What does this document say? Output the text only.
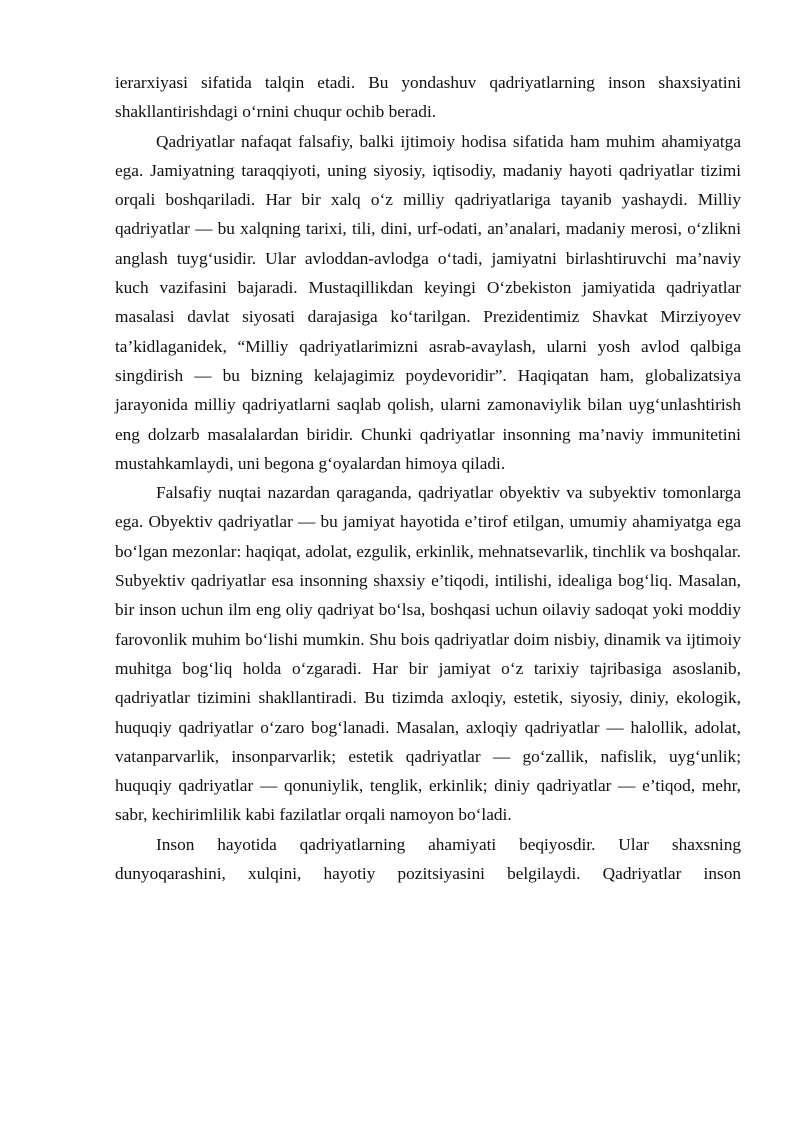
ierarxiyasi sifatida talqin etadi. Bu yondashuv qadriyatlarning inson shaxsiyatini shakllantirishdagi o‘rnini chuqur ochib beradi.

Qadriyatlar nafaqat falsafiy, balki ijtimoiy hodisa sifatida ham muhim ahamiyatga ega. Jamiyatning taraqqiyoti, uning siyosiy, iqtisodiy, madaniy hayoti qadriyatlar tizimi orqali boshqariladi. Har bir xalq o‘z milliy qadriyatlariga tayanib yashaydi. Milliy qadriyatlar — bu xalqning tarixi, tili, dini, urf-odati, an’analari, madaniy merosi, o‘zlikni anglash tuyg‘usidir. Ular avloddan-avlodga o‘tadi, jamiyatni birlashtiruvchi ma’naviy kuch vazifasini bajaradi. Mustaqillikdan keyingi O‘zbekiston jamiyatida qadriyatlar masalasi davlat siyosati darajasiga ko‘tarilgan. Prezidentimiz Shavkat Mirziyoyev ta’kidlaganidek, “Milliy qadriyatlarimizni asrab-avaylash, ularni yosh avlod qalbiga singdirish — bu bizning kelajagimiz poydevoridir”. Haqiqatan ham, globalizatsiya jarayonida milliy qadriyatlarni saqlab qolish, ularni zamonaviylik bilan uyg‘unlashtirish eng dolzarb masalalardan biridir. Chunki qadriyatlar insonning ma’naviy immunitetini mustahkamlaydi, uni begona g‘oyalardan himoya qiladi.

Falsafiy nuqtai nazardan qaraganda, qadriyatlar obyektiv va subyektiv tomonlarga ega. Obyektiv qadriyatlar — bu jamiyat hayotida e’tirof etilgan, umumiy ahamiyatga ega bo‘lgan mezonlar: haqiqat, adolat, ezgulik, erkinlik, mehnatsevarlik, tinchlik va boshqalar. Subyektiv qadriyatlar esa insonning shaxsiy e’tiqodi, intilishi, idealiga bog‘liq. Masalan, bir inson uchun ilm eng oliy qadriyat bo‘lsa, boshqasi uchun oilaviy sadoqat yoki moddiy farovonlik muhim bo‘lishi mumkin. Shu bois qadriyatlar doim nisbiy, dinamik va ijtimoiy muhitga bog‘liq holda o‘zgaradi. Har bir jamiyat o‘z tarixiy tajribasiga asoslanib, qadriyatlar tizimini shakllantiradi. Bu tizimda axloqiy, estetik, siyosiy, diniy, ekologik, huquqiy qadriyatlar o‘zaro bog‘lanadi. Masalan, axloqiy qadriyatlar — halollik, adolat, vatanparvarlik, insonparvarlik; estetik qadriyatlar — go‘zallik, nafislik, uyg‘unlik; huquqiy qadriyatlar — qonuniylik, tenglik, erkinlik; diniy qadriyatlar — e’tiqod, mehr, sabr, kechirimlilik kabi fazilatlar orqali namoyon bo‘ladi.

Inson hayotida qadriyatlarning ahamiyati beqiyosdir. Ular shaxsning dunyoqarashini, xulqini, hayotiy pozitsiyasini belgilaydi. Qadriyatlar inson
